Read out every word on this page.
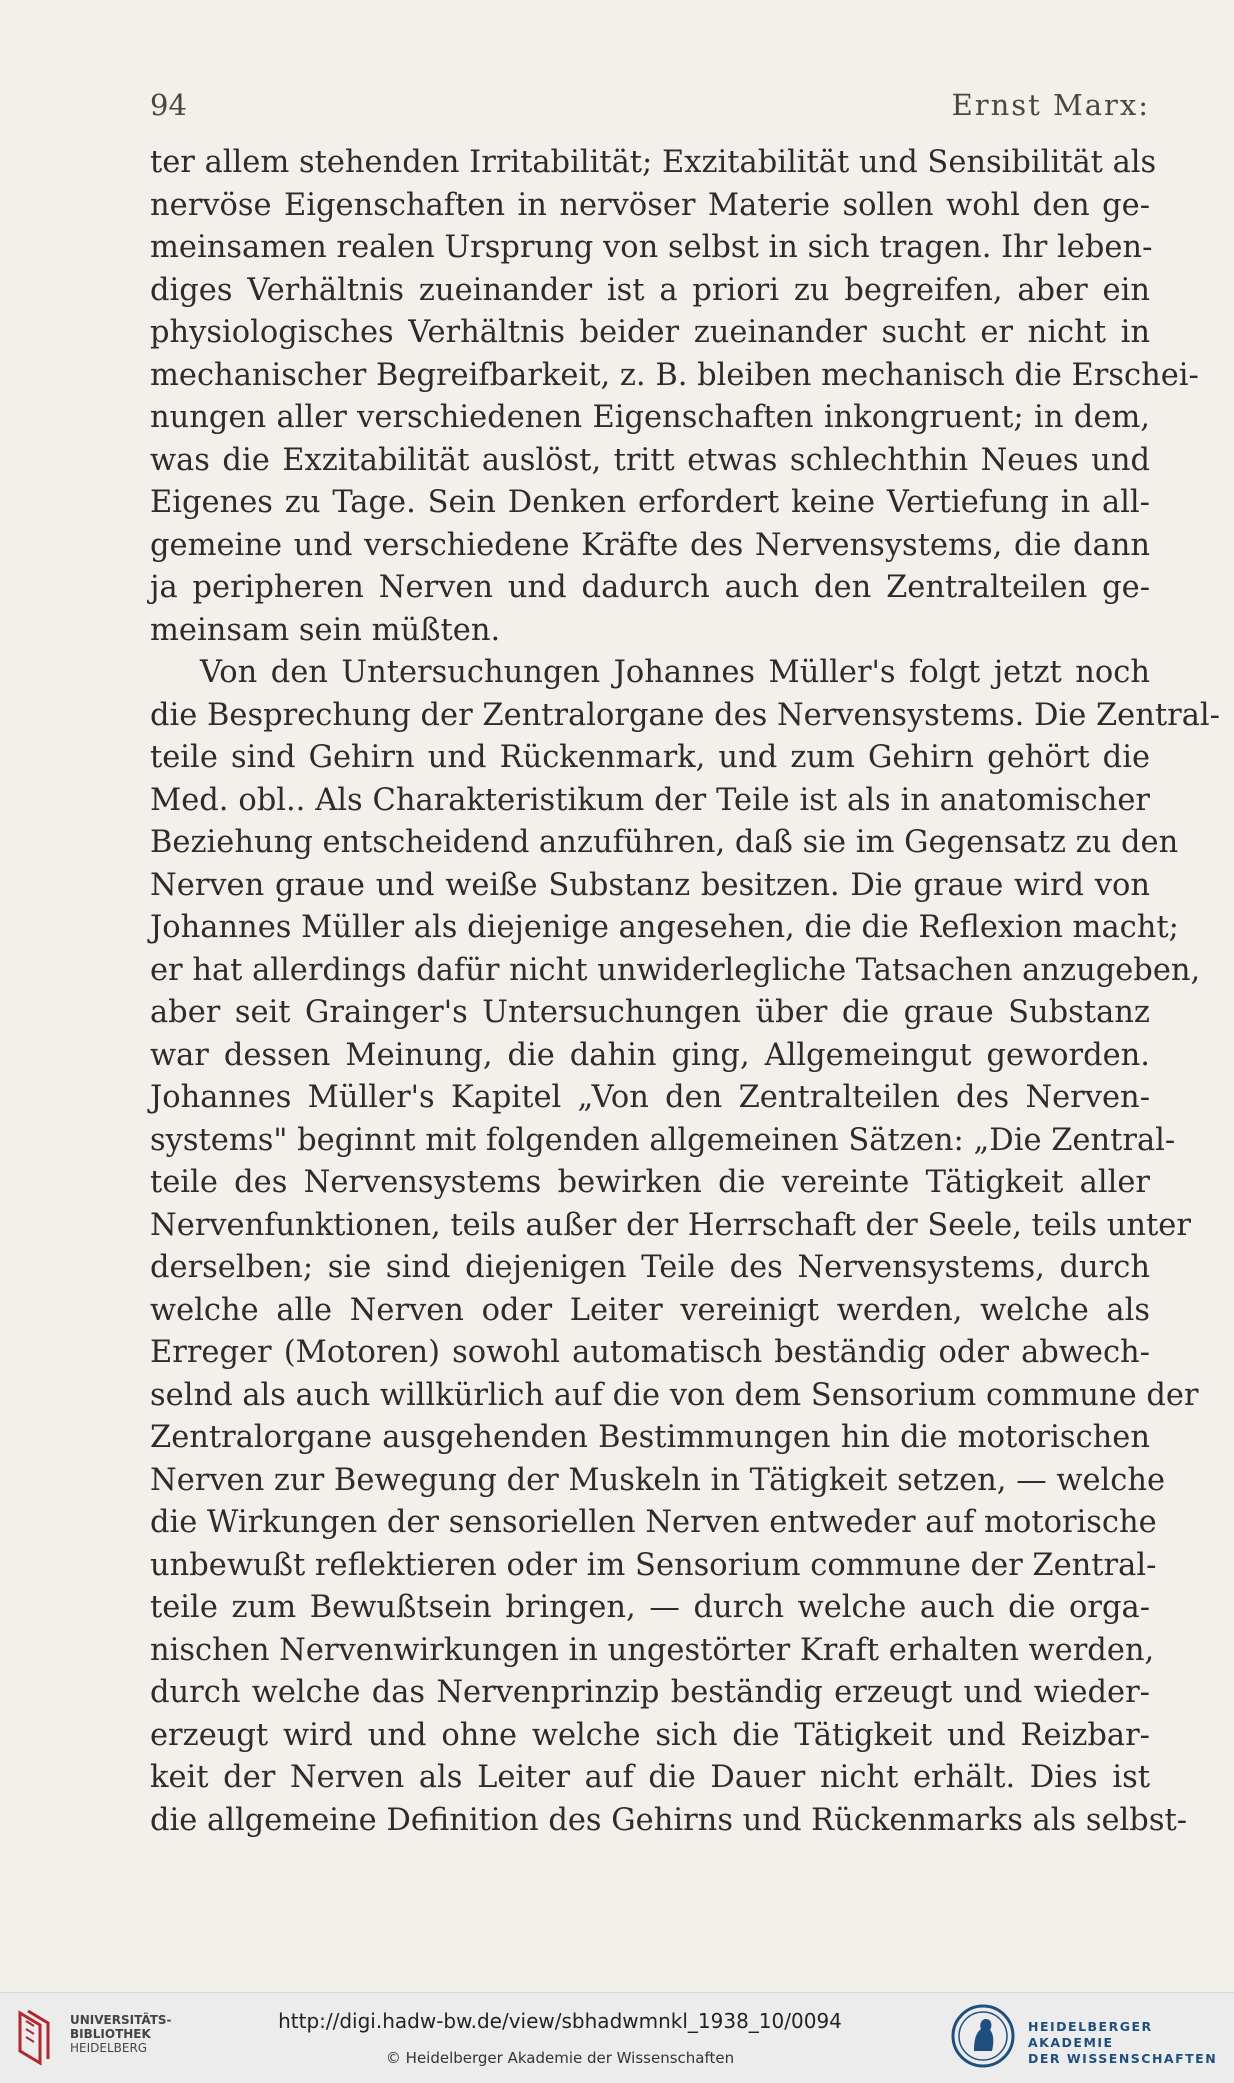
94	Ernst Marx:
ter allem stehenden Irritabilität; Exzitabilität und Sensibilität als
nervöse Eigenschaften in nervöser Materie sollen wohl den ge-
meinsamen realen Ursprung von selbst in sich tragen. Ihr leben-
diges Verhältnis zueinander ist a priori zu begreifen, aber ein
physiologisches Verhältnis beider zueinander sucht er nicht in
mechanischer Begreifbarkeit, z. B. bleiben mechanisch die Erschei-
nungen aller verschiedenen Eigenschaften inkongruent; in dem,
was die Exzitabilität auslöst, tritt etwas schlechthin Neues und
Eigenes zu Tage. Sein Denken erfordert keine Vertiefung in all-
gemeine und verschiedene Kräfte des Nervensystems, die dann
ja peripheren Nerven und dadurch auch den Zentralteilen ge-
meinsam sein müßten.
Von den Untersuchungen Johannes Müller's folgt jetzt noch
die Besprechung der Zentralorgane des Nervensystems. Die Zentral-
teile sind Gehirn und Rückenmark, und zum Gehirn gehört die
Med. obl.. Als Charakteristikum der Teile ist als in anatomischer
Beziehung entscheidend anzuführen, daß sie im Gegensatz zu den
Nerven graue und weiße Substanz besitzen. Die graue wird von
Johannes Müller als diejenige angesehen, die die Reflexion macht;
er hat allerdings dafür nicht unwiderlegliche Tatsachen anzugeben,
aber seit Grainger's Untersuchungen über die graue Substanz
war dessen Meinung, die dahin ging, Allgemeingut geworden.
Johannes Müller's Kapitel „Von den Zentralteilen des Nerven-
systems" beginnt mit folgenden allgemeinen Sätzen: „Die Zentral-
teile des Nervensystems bewirken die vereinte Tätigkeit aller
Nervenfunktionen, teils außer der Herrschaft der Seele, teils unter
derselben; sie sind diejenigen Teile des Nervensystems, durch
welche alle Nerven oder Leiter vereinigt werden, welche als
Erreger (Motoren) sowohl automatisch beständig oder abwech-
selnd als auch willkürlich auf die von dem Sensorium commune der
Zentralorgane ausgehenden Bestimmungen hin die motorischen
Nerven zur Bewegung der Muskeln in Tätigkeit setzen, — welche
die Wirkungen der sensoriellen Nerven entweder auf motorische
unbewußt reflektieren oder im Sensorium commune der Zentral-
teile zum Bewußtsein bringen, — durch welche auch die orga-
nischen Nervenwirkungen in ungestörter Kraft erhalten werden,
durch welche das Nervenprinzip beständig erzeugt und wieder-
erzeugt wird und ohne welche sich die Tätigkeit und Reizbar-
keit der Nerven als Leiter auf die Dauer nicht erhält. Dies ist
die allgemeine Definition des Gehirns und Rückenmarks als selbst-
UNIVERSITÄTS-
BIBLIOTHEK
HEIDELBERG
http://digi.hadw-bw.de/view/sbhadwmnkl_1938_10/0094
© Heidelberger Akademie der Wissenschaften
HEIDELBERGER AKADEMIE
DER WISSENSCHAFTEN
